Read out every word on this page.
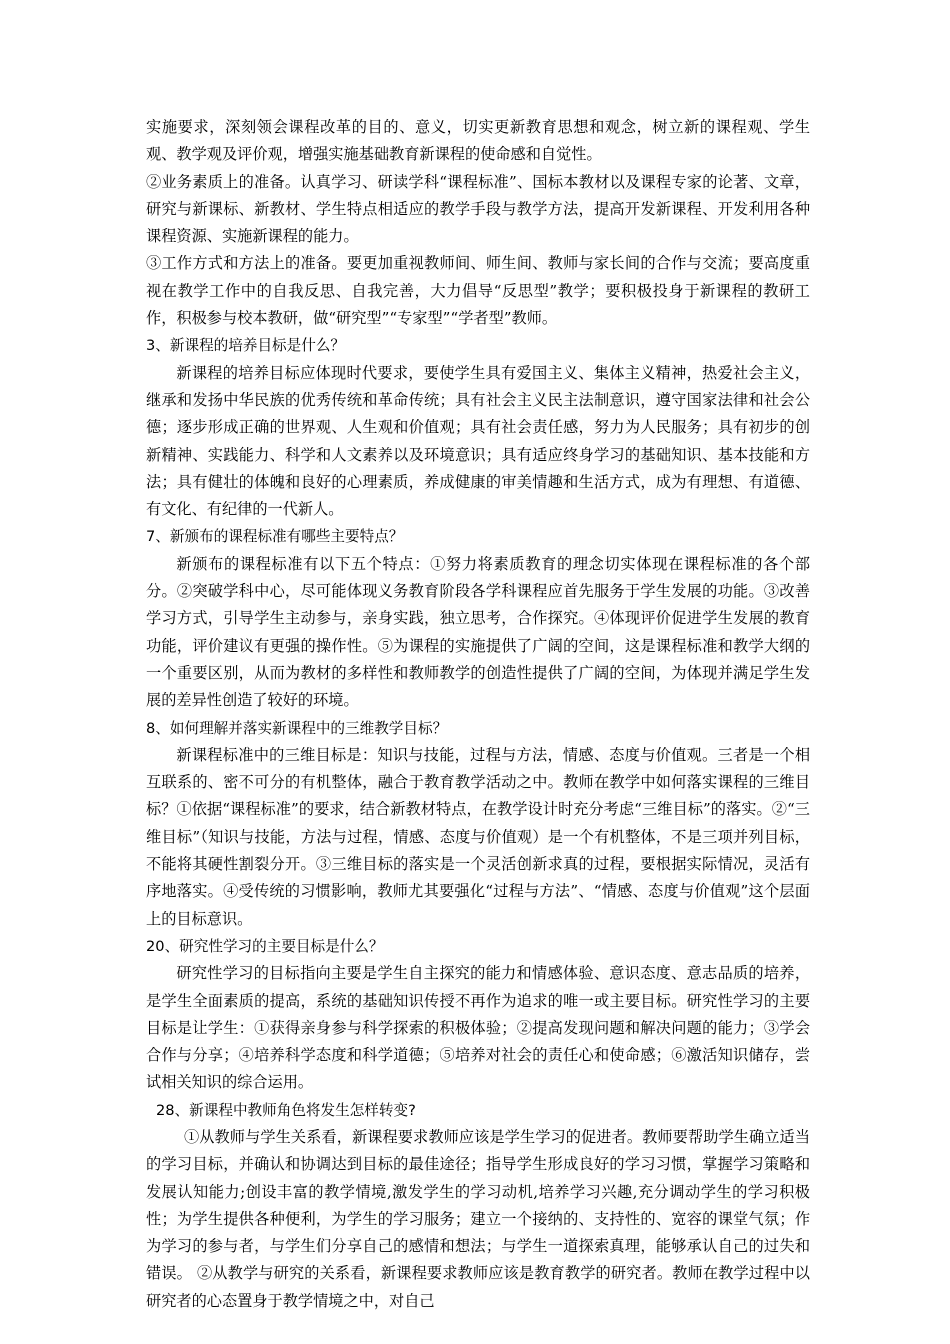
实施要求，深刻领会课程改革的目的、意义，切实更新教育思想和观念，树立新的课程观、学生观、教学观及评价观，增强实施基础教育新课程的使命感和自觉性。

②业务素质上的准备。认真学习、研读学科“课程标准”、国标本教材以及课程专家的论著、文章，研究与新课标、新教材、学生特点相适应的教学手段与教学方法，提高开发新课程、开发利用各种课程资源、实施新课程的能力。

③工作方式和方法上的准备。要更加重视教师间、师生间、教师与家长间的合作与交流；要高度重视在教学工作中的自我反思、自我完善，大力倡导“反思型”教学；要积极投身于新课程的教研工作，积极参与校本教研，做“研究型”“专家型”“学者型”教师。

3、新课程的培养目标是什么？

新课程的培养目标应体现时代要求，要使学生具有爱国主义、集体主义精神，热爱社会主义，继承和发扬中华民族的优秀传统和革命传统；具有社会主义民主法制意识，遵守国家法律和社会公德；逐步形成正确的世界观、人生观和价值观；具有社会责任感，努力为人民服务；具有初步的创新精神、实践能力、科学和人文素养以及环境意识；具有适应终身学习的基础知识、基本技能和方法；具有健壮的体魄和良好的心理素质，养成健康的审美情趣和生活方式，成为有理想、有道德、有文化、有纪律的一代新人。

7、新颁布的课程标准有哪些主要特点？

新颁布的课程标准有以下五个特点：①努力将素质教育的理念切实体现在课程标准的各个部分。②突破学科中心，尽可能体现义务教育阶段各学科课程应首先服务于学生发展的功能。③改善学习方式，引导学生主动参与，亲身实践，独立思考，合作探究。④体现评价促进学生发展的教育功能，评价建议有更强的操作性。⑤为课程的实施提供了广阔的空间，这是课程标准和教学大纲的一个重要区别，从而为教材的多样性和教师教学的创造性提供了广阔的空间，为体现并满足学生发展的差异性创造了较好的环境。

8、如何理解并落实新课程中的三维教学目标？

新课程标准中的三维目标是：知识与技能，过程与方法，情感、态度与价值观。三者是一个相互联系的、密不可分的有机整体，融合于教育教学活动之中。教师在教学中如何落实课程的三维目标？①依据“课程标准”的要求，结合新教材特点，在教学设计时充分考虑“三维目标”的落实。②“三维目标”（知识与技能，方法与过程，情感、态度与价值观）是一个有机整体，不是三项并列目标，不能将其硬性割裂分开。③三维目标的落实是一个灵活创新求真的过程，要根据实际情况，灵活有序地落实。④受传统的习惯影响，教师尤其要强化“过程与方法”、“情感、态度与价值观”这个层面上的目标意识。

20、研究性学习的主要目标是什么？

研究性学习的目标指向主要是学生自主探究的能力和情感体验、意识态度、意志品质的培养，是学生全面素质的提高，系统的基础知识传授不再作为追求的唯一或主要目标。研究性学习的主要目标是让学生：①获得亲身参与科学探索的积极体验；②提高发现问题和解决问题的能力；③学会合作与分享；④培养科学态度和科学道德；⑤培养对社会的责任心和使命感；⑥激活知识储存，尝试相关知识的综合运用。

28、新课程中教师角色将发生怎样转变?

①从教师与学生关系看，新课程要求教师应该是学生学习的促进者。教师要帮助学生确立适当的学习目标，并确认和协调达到目标的最佳途径；指导学生形成良好的学习习惯，掌握学习策略和发展认知能力;创设丰富的教学情境,激发学生的学习动机,培养学习兴趣,充分调动学生的学习积极性；为学生提供各种便利，为学生的学习服务；建立一个接纳的、支持性的、宽容的课堂气氛；作为学习的参与者，与学生们分享自己的感情和想法；与学生一道探索真理，能够承认自己的过失和错误。 ②从教学与研究的关系看，新课程要求教师应该是教育教学的研究者。教师在教学过程中以研究者的心态置身于教学情境之中，对自己
